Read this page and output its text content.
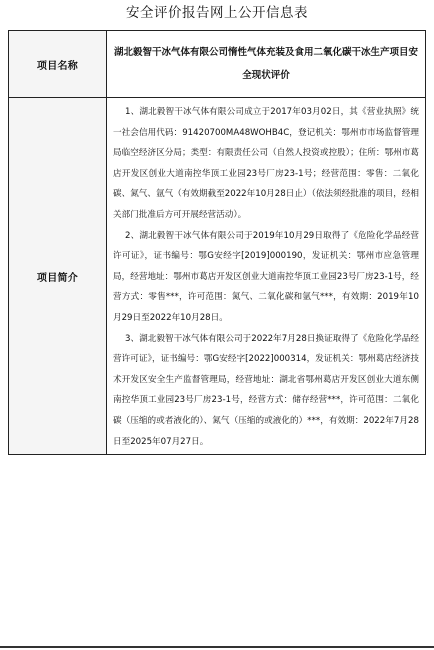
安全评价报告网上公开信息表
项目名称	湖北毅智干冰气体有限公司惰性气体充装及食用二氧化碳干冰生产项目安全现状评价
项目简介	1、湖北毅智干冰气体有限公司成立于2017年03月02日，其《营业执照》统一社会信用代码：91420700MA48WOHB4C，登记机关：鄂州市市场监督管理局临空经济区分局；类型：有限责任公司（自然人投资或控股）；住所：鄂州市葛店开发区创业大道南控华顶工业园23号厂房23-1号；经营范围：零售：二氧化碳、氮气、氩气（有效期截至2022年10月28日止）（依法须经批准的项目，经相关部门批准后方可开展经营活动）。

2、湖北毅智干冰气体有限公司于2019年10月29日取得了《危险化学品经营许可证》，证书编号：鄂G安经字[2019]000190，发证机关：鄂州市应急管理局，经营地址：鄂州市葛店开发区创业大道南控华顶工业园23号厂房23-1号，经营方式：零售***，许可范围：氮气、二氧化碳和氩气***，有效期：2019年10月29日至2022年10月28日。

3、湖北毅智干冰气体有限公司于2022年7月28日换证取得了《危险化学品经营许可证》，证书编号：鄂G安经字[2022]000314，发证机关：鄂州葛店经济技术开发区安全生产监督管理局，经营地址：湖北省鄂州葛店开发区创业大道东侧南控华顶工业园23号厂房23-1号，经营方式：储存经营***，许可范围：二氧化碳（压缩的或者液化的）、氮气（压缩的或液化的）***，有效期：2022年7月28日至2025年07月27日。
